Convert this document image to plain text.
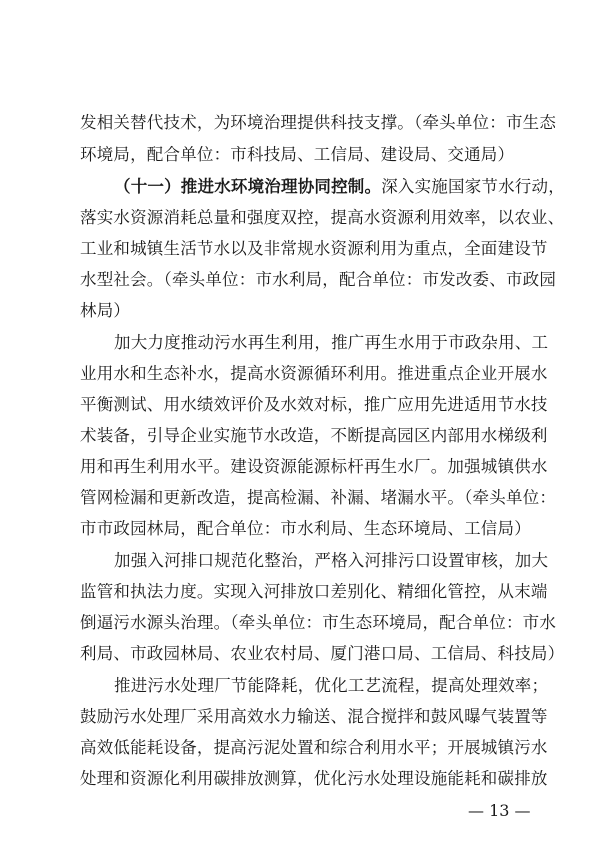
发相关替代技术，为环境治理提供科技支撑。（牵头单位：市生态
环境局，配合单位：市科技局、工信局、建设局、交通局）
（十一）推进水环境治理协同控制。深入实施国家节水行动，
落实水资源消耗总量和强度双控，提高水资源利用效率，以农业、
工业和城镇生活节水以及非常规水资源利用为重点，全面建设节
水型社会。（牵头单位：市水利局，配合单位：市发改委、市政园
林局）
加大力度推动污水再生利用，推广再生水用于市政杂用、工
业用水和生态补水，提高水资源循环利用。推进重点企业开展水
平衡测试、用水绩效评价及水效对标，推广应用先进适用节水技
术装备，引导企业实施节水改造，不断提高园区内部用水梯级利
用和再生利用水平。建设资源能源标杆再生水厂。加强城镇供水
管网检漏和更新改造，提高检漏、补漏、堵漏水平。（牵头单位：
市市政园林局，配合单位：市水利局、生态环境局、工信局）
加强入河排口规范化整治，严格入河排污口设置审核，加大
监管和执法力度。实现入河排放口差别化、精细化管控，从末端
倒逼污水源头治理。（牵头单位：市生态环境局，配合单位：市水
利局、市政园林局、农业农村局、厦门港口局、工信局、科技局）
推进污水处理厂节能降耗，优化工艺流程，提高处理效率；
鼓励污水处理厂采用高效水力输送、混合搅拌和鼓风曝气装置等
高效低能耗设备，提高污泥处置和综合利用水平；开展城镇污水
处理和资源化利用碳排放测算，优化污水处理设施能耗和碳排放
— 13 —
